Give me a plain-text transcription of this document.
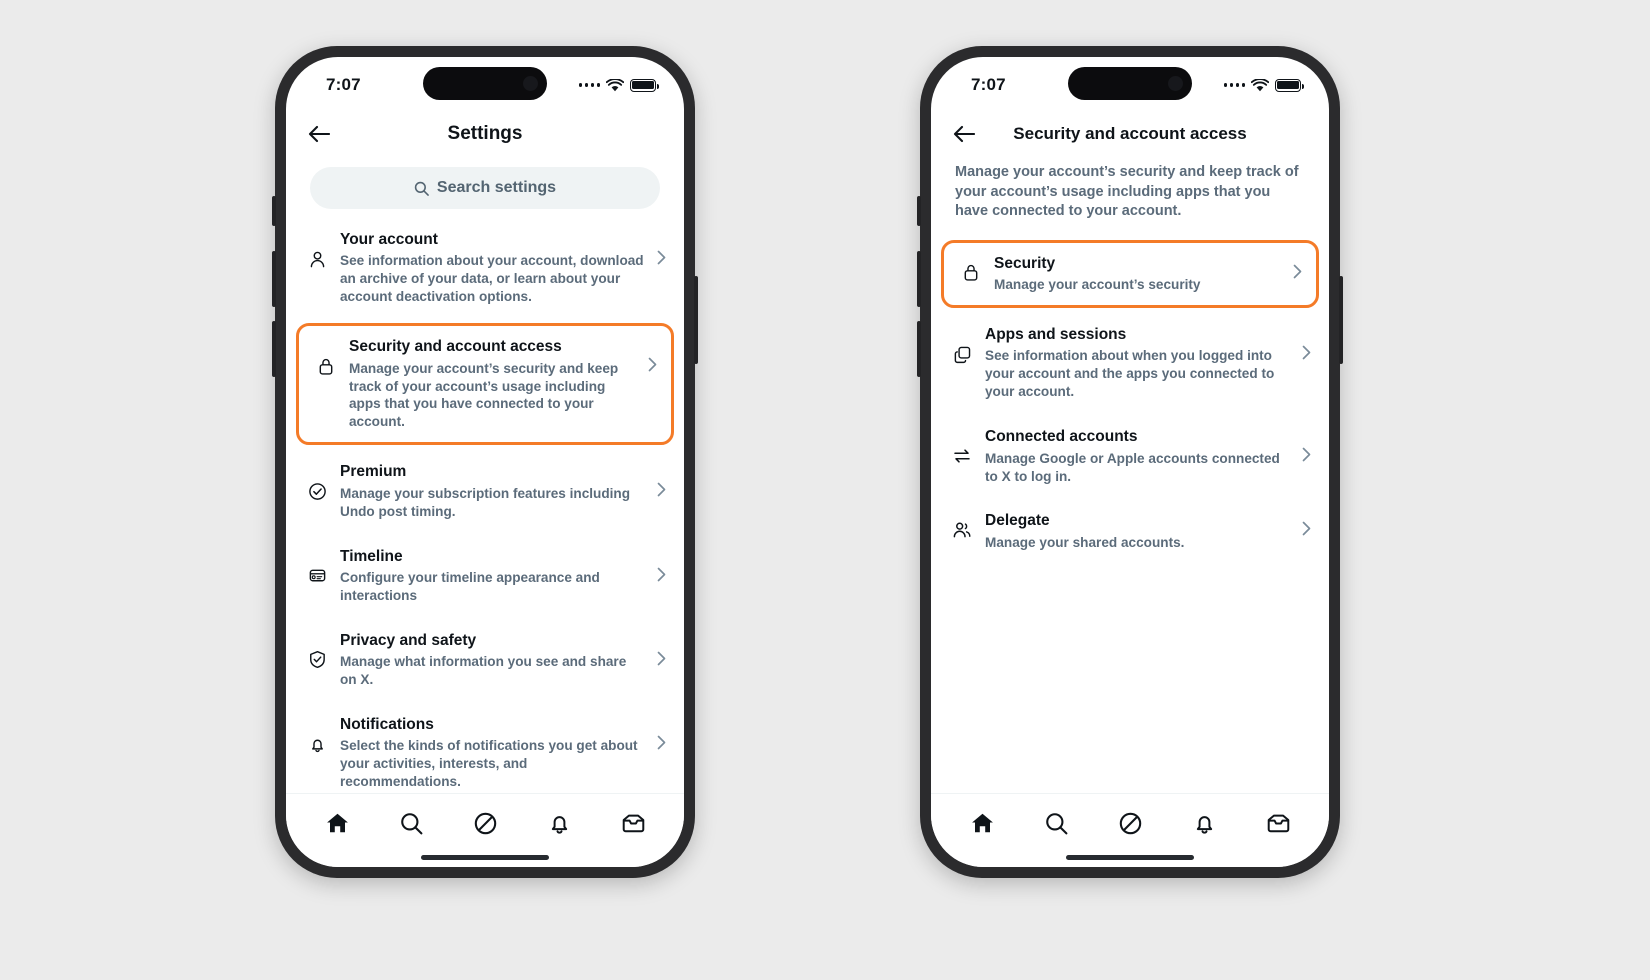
7:07
Settings
Search settings
Your account
See information about your account, download an archive of your data, or learn about your account deactivation options.
Security and account access
Manage your account’s security and keep track of your account’s usage including apps that you have connected to your account.
Premium
Manage your subscription features including Undo post timing.
Timeline
Configure your timeline appearance and interactions
Privacy and safety
Manage what information you see and share on X.
Notifications
Select the kinds of notifications you get about your activities, interests, and recommendations.
7:07
Security and account access
Manage your account’s security and keep track of your account’s usage including apps that you have connected to your account.
Security
Manage your account’s security
Apps and sessions
See information about when you logged into your account and the apps you connected to your account.
Connected accounts
Manage Google or Apple accounts connected to X to log in.
Delegate
Manage your shared accounts.
